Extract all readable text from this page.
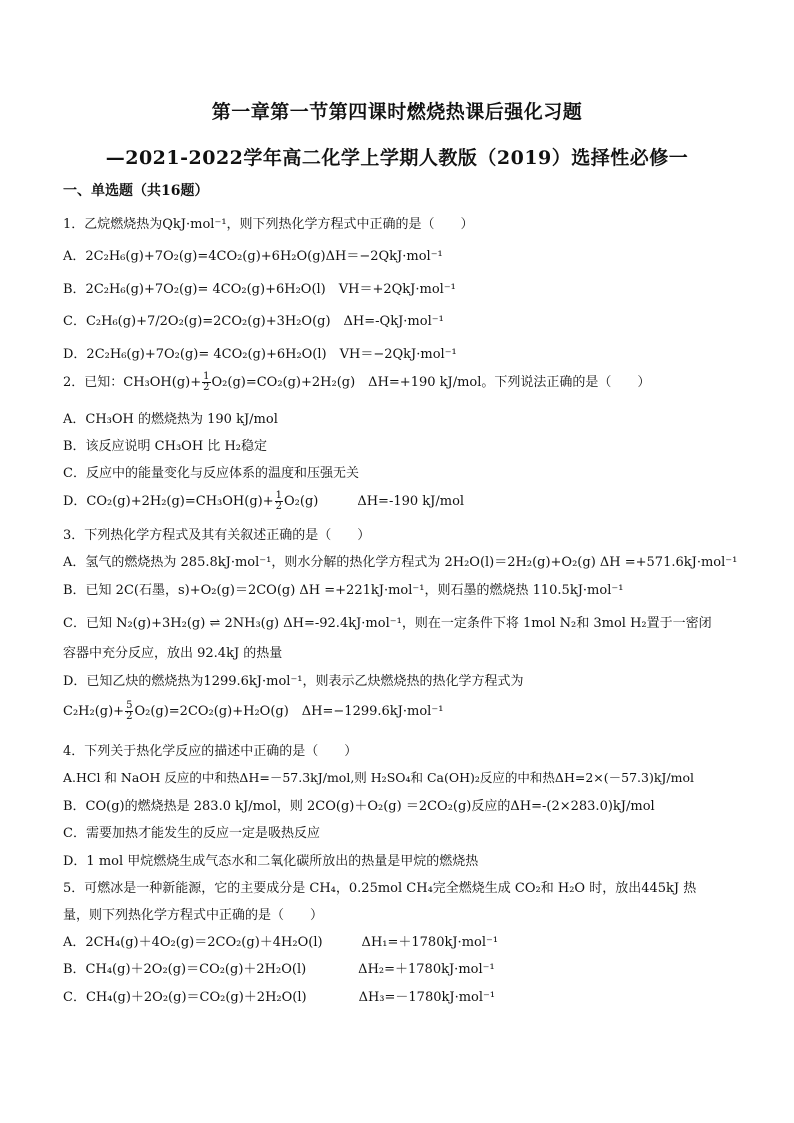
第一章第一节第四课时燃烧热课后强化习题
—2021-2022学年高二化学上学期人教版（2019）选择性必修一
一、单选题（共16题）
1．乙烷燃烧热为QkJ·mol⁻¹，则下列热化学方程式中正确的是（　　）
A．2C₂H₆(g)+7O₂(g)=4CO₂(g)+6H₂O(g)ΔH＝−2QkJ·mol⁻¹
B．2C₂H₆(g)+7O₂(g)= 4CO₂(g)+6H₂O(l)　VH＝+2QkJ·mol⁻¹
C．C₂H₆(g)+7/2O₂(g)=2CO₂(g)+3H₂O(g)　ΔH=-QkJ·mol⁻¹
D．2C₂H₆(g)+7O₂(g)= 4CO₂(g)+6H₂O(l)　VH＝−2QkJ·mol⁻¹
2．已知：$CH_3OH(g)+ \frac{1}{2} O_2(g)=CO_2(g)+2H_2(g)$　ΔH=+190 kJ/mol。下列说法正确的是（　　）
A．CH₃OH 的燃烧热为 190 kJ/mol
B．该反应说明 CH₃OH 比 H₂稳定
C．反应中的能量变化与反应体系的温度和压强无关
D．$CO_2(g)+2H_2(g)=CH_3OH(g)+ \frac{1}{2} O_2(g)$　　　ΔH=-190 kJ/mol
3．下列热化学方程式及其有关叙述正确的是（　　）
A．氢气的燃烧热为 285.8kJ·mol⁻¹，则水分解的热化学方程式为 2H₂O(l)＝2H₂(g)+O₂(g) ΔH =+571.6kJ·mol⁻¹
B．已知 2C(石墨，s)+O₂(g)＝2CO(g) ΔH =+221kJ·mol⁻¹，则石墨的燃烧热 110.5kJ·mol⁻¹
C．已知 N₂(g)+3H₂(g) ⇌ 2NH₃(g) ΔH=-92.4kJ·mol⁻¹，则在一定条件下将 1mol N₂和 3mol H₂置于一密闭
容器中充分反应，放出 92.4kJ 的热量
D．已知乙炔的燃烧热为1299.6kJ·mol⁻¹，则表示乙炔燃烧热的热化学方程式为
$C_2H_2(g)+ \frac{5}{2} O_2(g)=2CO_2(g)+H_2O(g)$　ΔH=−1299.6kJ·mol⁻¹
4．下列关于热化学反应的描述中正确的是（　　）
A.HCl 和 NaOH 反应的中和热ΔH=－57.3kJ/mol,则 H₂SO₄和 Ca(OH)₂反应的中和热ΔH=2×(－57.3)kJ/mol
B．CO(g)的燃烧热是 283.0 kJ/mol，则 2CO(g)＋O₂(g) ＝2CO₂(g)反应的ΔH=-(2×283.0)kJ/mol
C．需要加热才能发生的反应一定是吸热反应
D．1 mol 甲烷燃烧生成气态水和二氧化碳所放出的热量是甲烷的燃烧热
5．可燃冰是一种新能源，它的主要成分是 CH₄，0.25mol CH₄完全燃烧生成 CO₂和 H₂O 时，放出445kJ 热
量，则下列热化学方程式中正确的是（　　）
A．2CH₄(g)＋4O₂(g)＝2CO₂(g)＋4H₂O(l)　　　ΔH₁=＋1780kJ·mol⁻¹
B．CH₄(g)＋2O₂(g)＝CO₂(g)＋2H₂O(l)　　　　ΔH₂=＋1780kJ·mol⁻¹
C．CH₄(g)＋2O₂(g)＝CO₂(g)＋2H₂O(l)　　　　ΔH₃=－1780kJ·mol⁻¹
